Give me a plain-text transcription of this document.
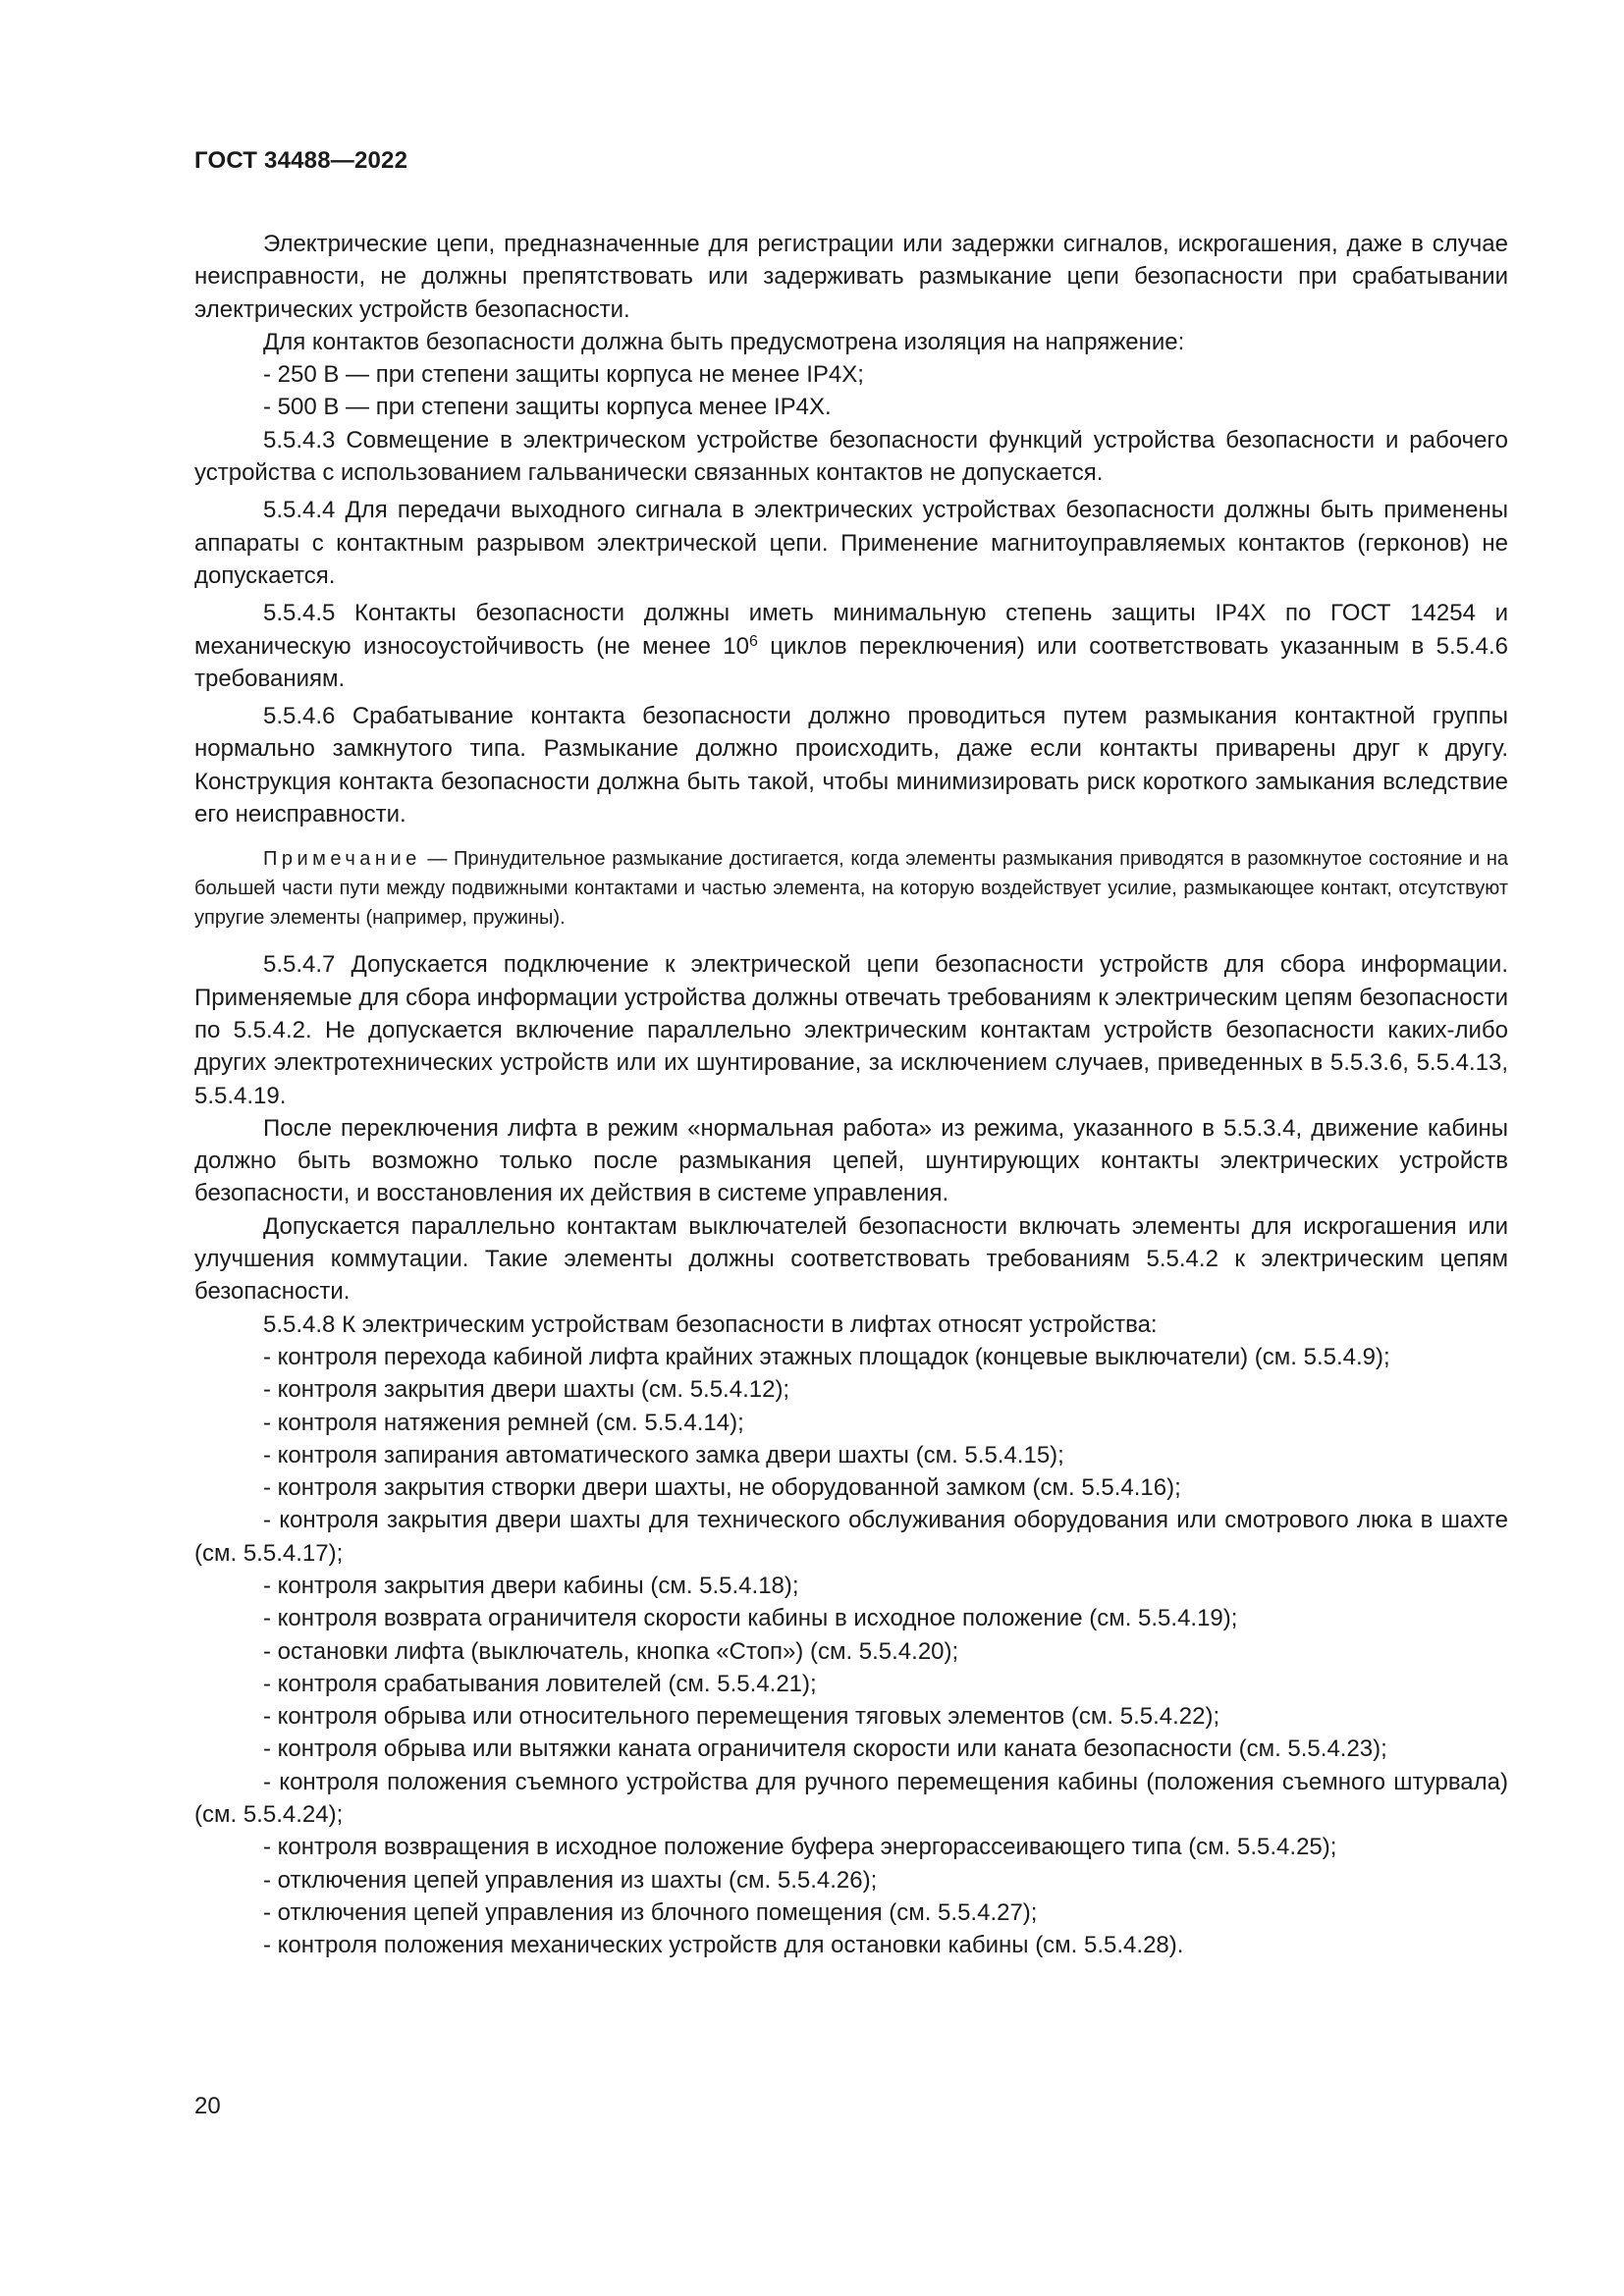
ГОСТ 34488—2022

Электрические цепи, предназначенные для регистрации или задержки сигналов, искрогашения, даже в случае неисправности, не должны препятствовать или задерживать размыкание цепи безопасности при срабатывании электрических устройств безопасности.

Для контактов безопасности должна быть предусмотрена изоляция на напряжение:

- 250 В — при степени защиты корпуса не менее IP4X;

- 500 В — при степени защиты корпуса менее IP4X.

5.5.4.3 Совмещение в электрическом устройстве безопасности функций устройства безопасности и рабочего устройства с использованием гальванически связанных контактов не допускается.

5.5.4.4 Для передачи выходного сигнала в электрических устройствах безопасности должны быть применены аппараты с контактным разрывом электрической цепи. Применение магнитоуправляемых контактов (герконов) не допускается.

5.5.4.5 Контакты безопасности должны иметь минимальную степень защиты IP4X по ГОСТ 14254 и механическую износоустойчивость (не менее $10^6$ циклов переключения) или соответствовать указанным в 5.5.4.6 требованиям.

5.5.4.6 Срабатывание контакта безопасности должно проводиться путем размыкания контактной группы нормально замкнутого типа. Размыкание должно происходить, даже если контакты приварены друг к другу. Конструкция контакта безопасности должна быть такой, чтобы минимизировать риск короткого замыкания вследствие его неисправности.

Примечание — Принудительное размыкание достигается, когда элементы размыкания приводятся в разомкнутое состояние и на большей части пути между подвижными контактами и частью элемента, на которую воздействует усилие, размыкающее контакт, отсутствуют упругие элементы (например, пружины).

5.5.4.7 Допускается подключение к электрической цепи безопасности устройств для сбора информации. Применяемые для сбора информации устройства должны отвечать требованиям к электрическим цепям безопасности по 5.5.4.2. Не допускается включение параллельно электрическим контактам устройств безопасности каких-либо других электротехнических устройств или их шунтирование, за исключением случаев, приведенных в 5.5.3.6, 5.5.4.13, 5.5.4.19.

После переключения лифта в режим «нормальная работа» из режима, указанного в 5.5.3.4, движение кабины должно быть возможно только после размыкания цепей, шунтирующих контакты электрических устройств безопасности, и восстановления их действия в системе управления.

Допускается параллельно контактам выключателей безопасности включать элементы для искрогашения или улучшения коммутации. Такие элементы должны соответствовать требованиям 5.5.4.2 к электрическим цепям безопасности.

5.5.4.8 К электрическим устройствам безопасности в лифтах относят устройства:

- контроля перехода кабиной лифта крайних этажных площадок (концевые выключатели) (см. 5.5.4.9);

- контроля закрытия двери шахты (см. 5.5.4.12);

- контроля натяжения ремней (см. 5.5.4.14);

- контроля запирания автоматического замка двери шахты (см. 5.5.4.15);

- контроля закрытия створки двери шахты, не оборудованной замком (см. 5.5.4.16);

- контроля закрытия двери шахты для технического обслуживания оборудования или смотрового люка в шахте (см. 5.5.4.17);

- контроля закрытия двери кабины (см. 5.5.4.18);

- контроля возврата ограничителя скорости кабины в исходное положение (см. 5.5.4.19);

- остановки лифта (выключатель, кнопка «Стоп») (см. 5.5.4.20);

- контроля срабатывания ловителей (см. 5.5.4.21);

- контроля обрыва или относительного перемещения тяговых элементов (см. 5.5.4.22);

- контроля обрыва или вытяжки каната ограничителя скорости или каната безопасности (см. 5.5.4.23);

- контроля положения съемного устройства для ручного перемещения кабины (положения съемного штурвала) (см. 5.5.4.24);

- контроля возвращения в исходное положение буфера энергорассеивающего типа (см. 5.5.4.25);

- отключения цепей управления из шахты (см. 5.5.4.26);

- отключения цепей управления из блочного помещения (см. 5.5.4.27);

- контроля положения механических устройств для остановки кабины (см. 5.5.4.28).

20
